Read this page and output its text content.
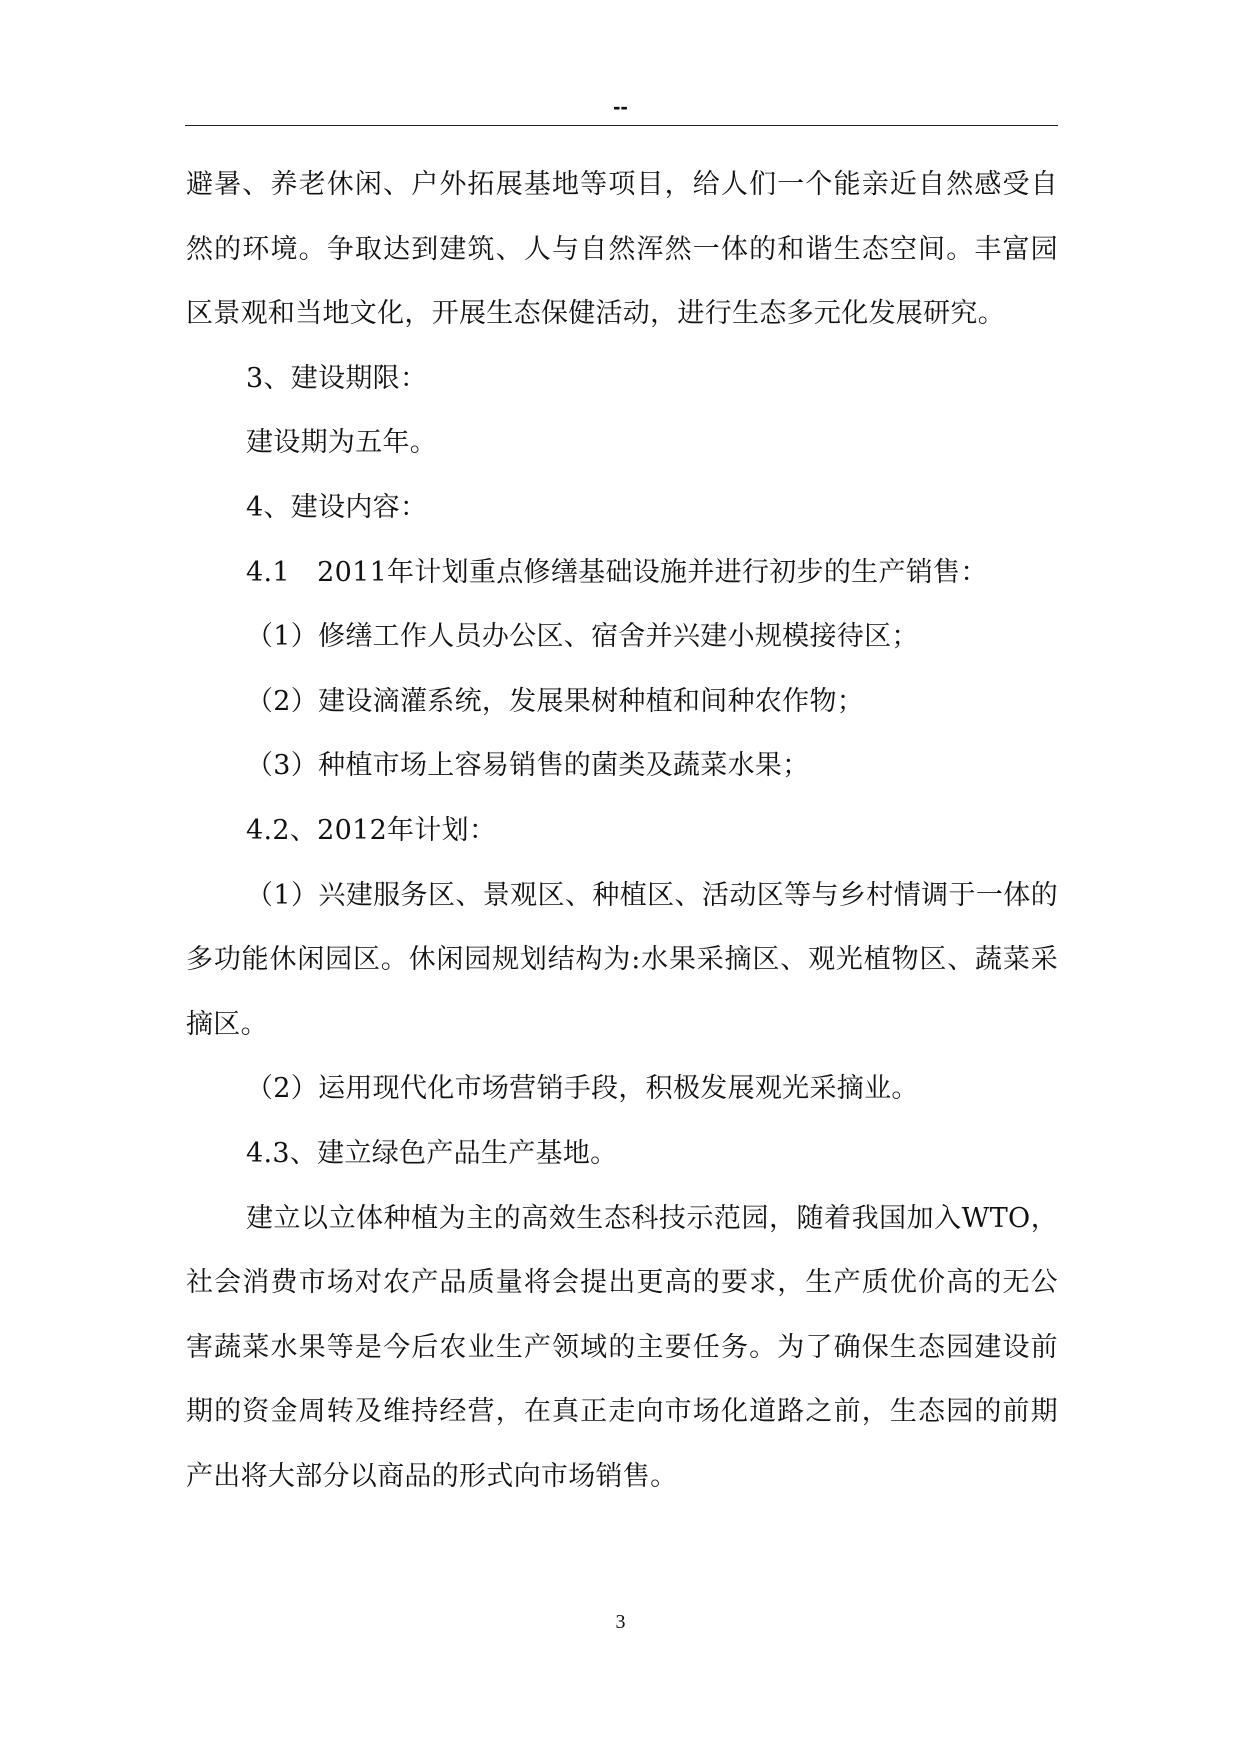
--

避暑、养老休闲、户外拓展基地等项目，给人们一个能亲近自然感受自然的环境。争取达到建筑、人与自然浑然一体的和谐生态空间。丰富园区景观和当地文化，开展生态保健活动，进行生态多元化发展研究。

3、建设期限：

建设期为五年。

4、建设内容：

4.1　2011年计划重点修缮基础设施并进行初步的生产销售：

（1）修缮工作人员办公区、宿舍并兴建小规模接待区；

（2）建设滴灌系统，发展果树种植和间种农作物；

（3）种植市场上容易销售的菌类及蔬菜水果；

4.2、2012年计划：

（1）兴建服务区、景观区、种植区、活动区等与乡村情调于一体的多功能休闲园区。休闲园规划结构为:水果采摘区、观光植物区、蔬菜采摘区。

（2）运用现代化市场营销手段，积极发展观光采摘业。

4.3、建立绿色产品生产基地。

建立以立体种植为主的高效生态科技示范园，随着我国加入WTO，社会消费市场对农产品质量将会提出更高的要求，生产质优价高的无公害蔬菜水果等是今后农业生产领域的主要任务。为了确保生态园建设前期的资金周转及维持经营，在真正走向市场化道路之前，生态园的前期产出将大部分以商品的形式向市场销售。

3
